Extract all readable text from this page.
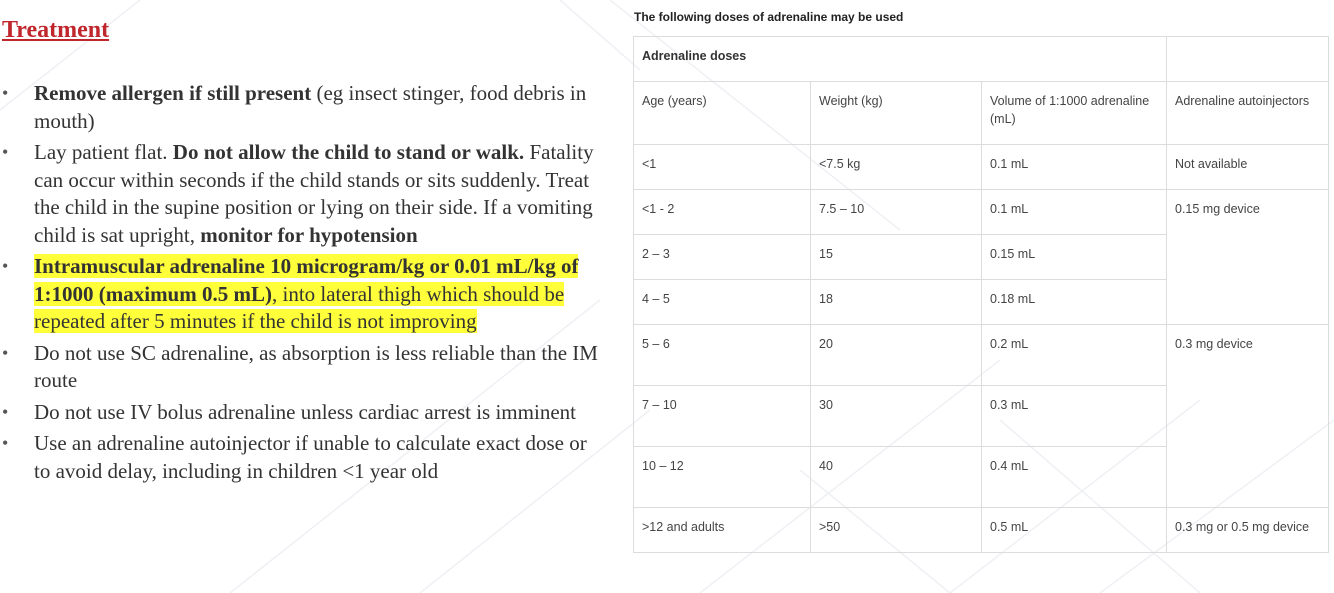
Treatment
• Remove allergen if still present (eg insect stinger, food debris in mouth)
• Lay patient flat. Do not allow the child to stand or walk. Fatality can occur within seconds if the child stands or sits suddenly. Treat the child in the supine position or lying on their side. If a vomiting child is sat upright, monitor for hypotension
• Intramuscular adrenaline 10 microgram/kg or 0.01 mL/kg of 1:1000 (maximum 0.5 mL), into lateral thigh which should be repeated after 5 minutes if the child is not improving
• Do not use SC adrenaline, as absorption is less reliable than the IM route
• Do not use IV bolus adrenaline unless cardiac arrest is imminent
• Use an adrenaline autoinjector if unable to calculate exact dose or to avoid delay, including in children <1 year old
The following doses of adrenaline may be used
Adrenaline doses			
Age (years)	Weight (kg)	Volume of 1:1000 adrenaline (mL)	Adrenaline autoinjectors
<1	<7.5 kg	0.1 mL	Not available
<1 - 2	7.5 – 10	0.1 mL	0.15 mg device
2 – 3	15	0.15 mL	
4 – 5	18	0.18 mL	
5 – 6	20	0.2 mL	0.3 mg device
7 – 10	30	0.3 mL	
10 – 12	40	0.4 mL	
>12 and adults	>50	0.5 mL	0.3 mg or 0.5 mg device
